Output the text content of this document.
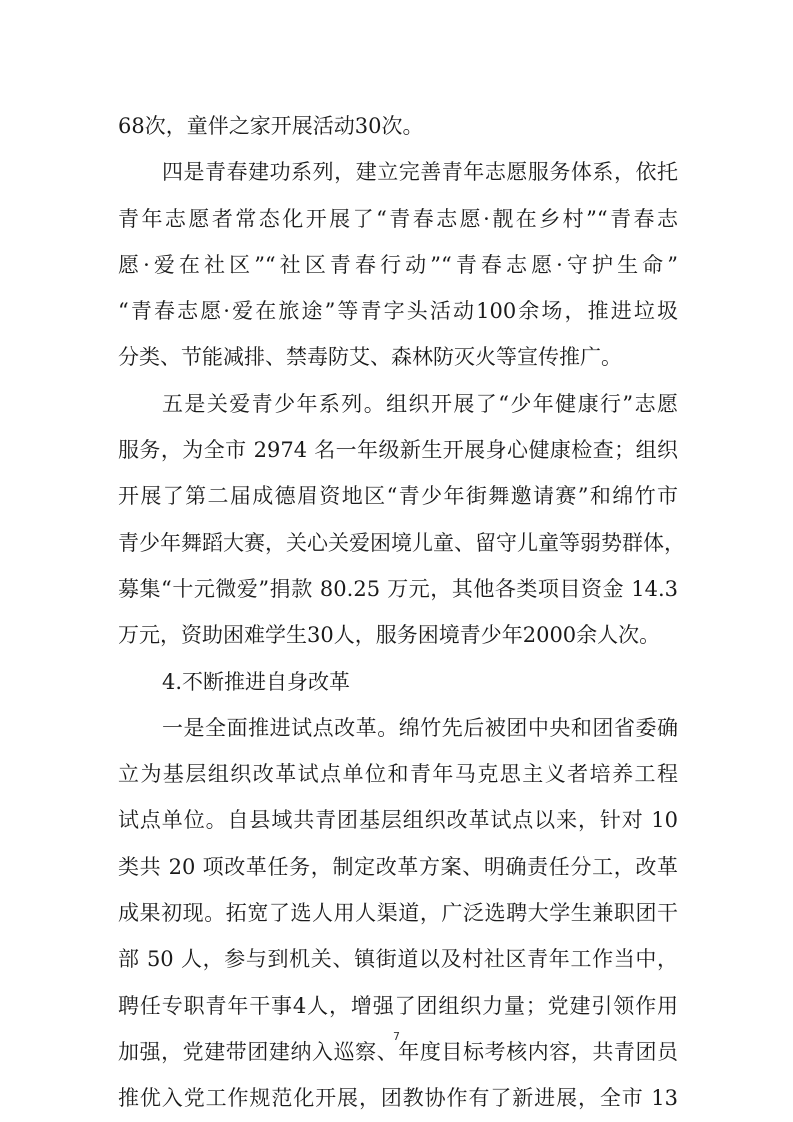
68次，童伴之家开展活动30次。
四是青春建功系列，建立完善青年志愿服务体系，依托
青年志愿者常态化开展了“青春志愿·靓在乡村”“青春志
愿·爱在社区”“社区青春行动”“青春志愿·守护生命”
“青春志愿·爱在旅途”等青字头活动100余场，推进垃圾
分类、节能减排、禁毒防艾、森林防灭火等宣传推广。
五是关爱青少年系列。组织开展了“少年健康行”志愿
服务，为全市 2974 名一年级新生开展身心健康检查；组织
开展了第二届成德眉资地区“青少年街舞邀请赛”和绵竹市
青少年舞蹈大赛，关心关爱困境儿童、留守儿童等弱势群体，
募集“十元微爱”捐款 80.25 万元，其他各类项目资金 14.3
万元，资助困难学生30人，服务困境青少年2000余人次。
4.不断推进自身改革
一是全面推进试点改革。绵竹先后被团中央和团省委确
立为基层组织改革试点单位和青年马克思主义者培养工程
试点单位。自县域共青团基层组织改革试点以来，针对 10
类共 20 项改革任务，制定改革方案、明确责任分工，改革
成果初现。拓宽了选人用人渠道，广泛选聘大学生兼职团干
部 50 人，参与到机关、镇街道以及村社区青年工作当中，
聘任专职青年干事4人，增强了团组织力量；党建引领作用
加强，党建带团建纳入巡察、年度目标考核内容，共青团员
推优入党工作规范化开展，团教协作有了新进展，全市 13
7
